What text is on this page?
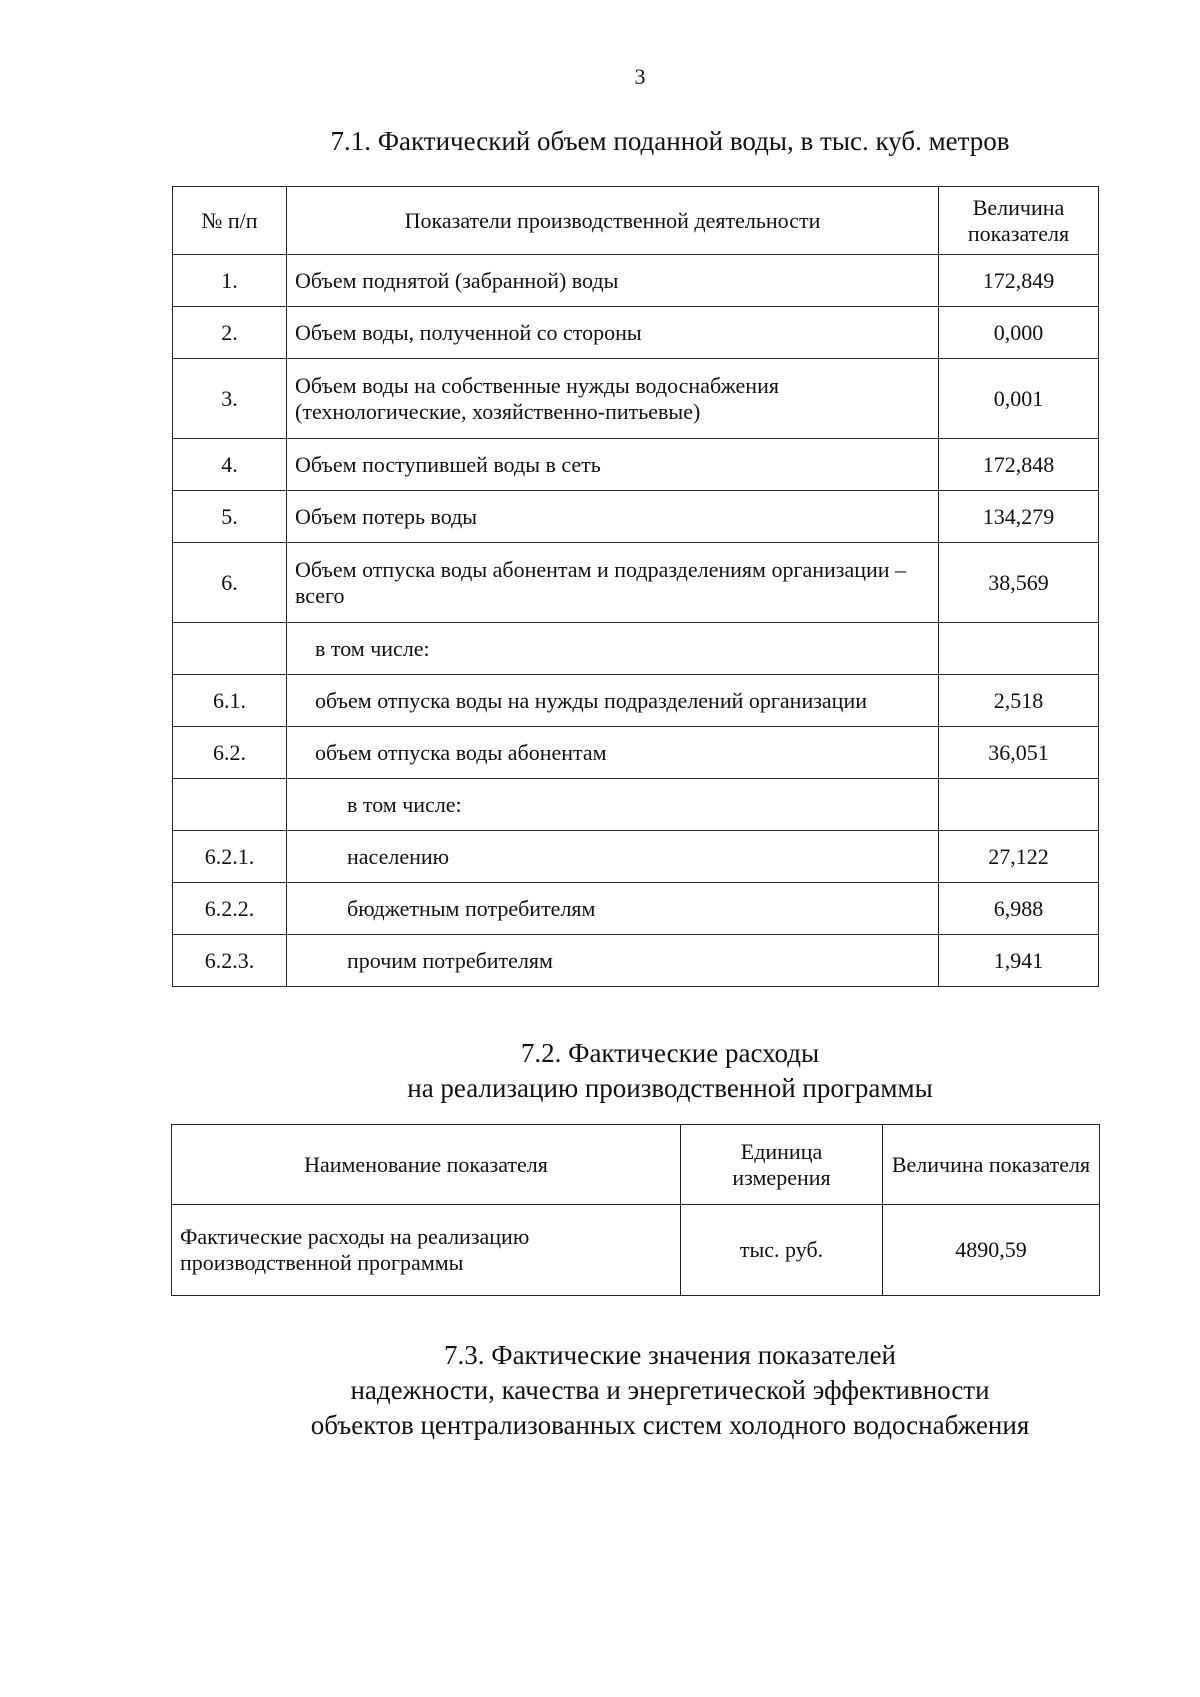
3
7.1. Фактический объем поданной воды, в тыс. куб. метров
№ п/п	Показатели производственной деятельности	Величина показателя
1.	Объем поднятой (забранной) воды	172,849
2.	Объем воды, полученной со стороны	0,000
3.	Объем воды на собственные нужды водоснабжения (технологические, хозяйственно-питьевые)	0,001
4.	Объем поступившей воды в сеть	172,848
5.	Объем потерь воды	134,279
6.	Объем отпуска воды абонентам и подразделениям организации – всего	38,569
	в том числе:	
6.1.	объем отпуска воды на нужды подразделений организации	2,518
6.2.	объем отпуска воды абонентам	36,051
	в том числе:	
6.2.1.	населению	27,122
6.2.2.	бюджетным потребителям	6,988
6.2.3.	прочим потребителям	1,941
7.2. Фактические расходы
на реализацию производственной программы
Наименование показателя	Единица измерения	Величина показателя
Фактические расходы на реализацию производственной программы	тыс. руб.	4890,59
7.3. Фактические значения показателей
надежности, качества и энергетической эффективности
объектов централизованных систем холодного водоснабжения
